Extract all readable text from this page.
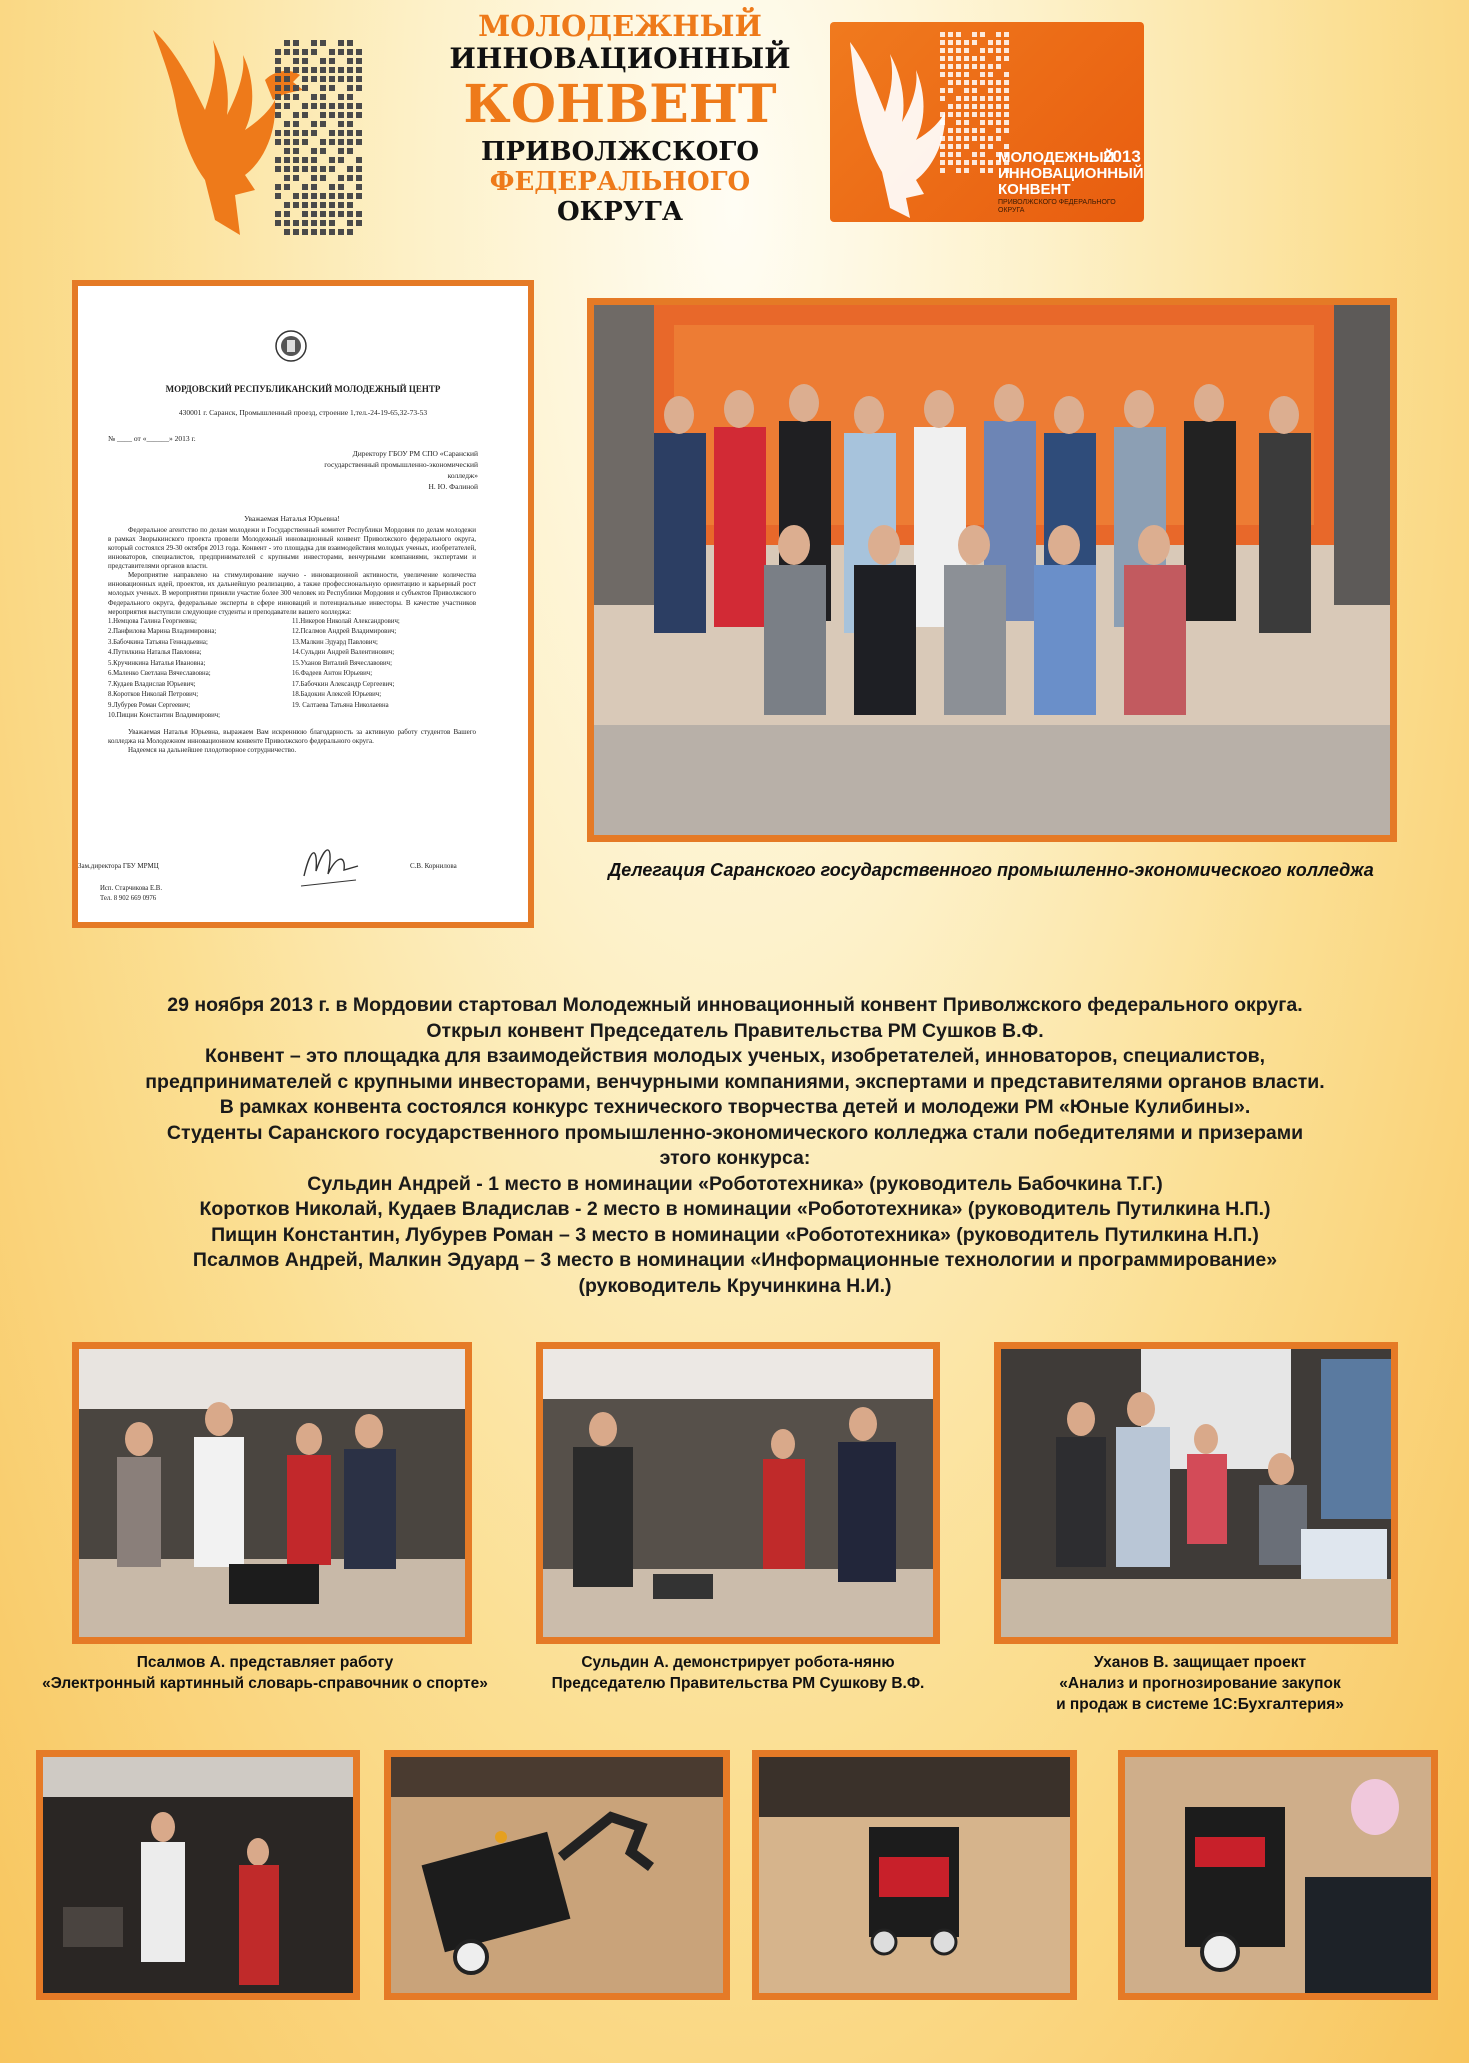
МОЛОДЕЖНЫЙ
ИННОВАЦИОННЫЙ
КОНВЕНТ
ПРИВОЛЖСКОГО
ФЕДЕРАЛЬНОГО
ОКРУГА
МОЛОДЕЖНЫЙ
2013
ИННОВАЦИОННЫЙ
КОНВЕНТ
ПРИВОЛЖСКОГО ФЕДЕРАЛЬНОГО ОКРУГА
МОРДОВСКИЙ РЕСПУБЛИКАНСКИЙ МОЛОДЕЖНЫЙ ЦЕНТР
430001 г. Саранск, Промышленный проезд, строение 1,тел.-24-19-65,32-73-53
№ ____ от «______» 2013 г.
Директору ГБОУ РМ СПО «Саранский
государственный промышленно-экономический
колледж»
Н. Ю. Фалиной

Уважаемая Наталья Юрьевна!

Федеральное агентство по делам молодежи и Государственный комитет Республики Мордовия по делам молодежи в рамках Зворыкинского проекта провели Молодежный инновационный конвент Приволжского федерального округа, который состоялся 29-30 октября 2013 года. Конвент - это площадка для взаимодействия молодых ученых, изобретателей, инноваторов, специалистов, предпринимателей с крупными инвесторами, венчурными компаниями, экспертами и представителями органов власти.

Мероприятие направлено на стимулирование научно - инновационной активности, увеличение количества инновационных идей, проектов, их дальнейшую реализацию, а также профессиональную ориентацию и карьерный рост молодых ученых. В мероприятии приняли участие более 300 человек из Республики Мордовия и субъектов Приволжского Федерального округа, федеральные эксперты в сфере инноваций и потенциальные инвесторы. В качестве участников мероприятия выступили следующие студенты и преподаватели вашего колледжа:

1.Немцова Галина Георгиевна;
2.Панфилова Марина Владимировна;
3.Бабочкина Татьяна Геннадьевна;
4.Путилкина Наталья Павловна;
5.Кручинкина Наталья Ивановна;
6.Маленко Светлана Вячеславовна;
7.Кудаев Владислав Юрьевич;
8.Коротков Николай Петрович;
9.Лубурев Роман Сергеевич;
10.Пищин Константин Владимирович;
11.Никеров Николай Александрович;
12.Псалмов Андрей Владимирович;
13.Малкин Эдуард Павлович;
14.Сульдин Андрей Валентинович;
15.Уханов Виталий Вячеславович;
16.Фадеев Антон Юрьевич;
17.Бабочкин Александр Сергеевич;
18.Бадокин Алексей Юрьевич;
19. Салтаева Татьяна Николаевна

Уважаемая Наталья Юрьевна, выражаем Вам искреннюю благодарность за активную работу студентов Вашего колледжа на Молодежном инновационном конвенте Приволжского федерального округа.

Надеемся на дальнейшее плодотворное сотрудничество.

Зам.директора ГБУ МРМЦ	С.В. Корнилова
Исп. Старчикова Е.В.
Тел. 8 902 669 0976
Делегация Саранского государственного промышленно-экономического колледжа
29 ноября 2013 г. в Мордовии стартовал Молодежный инновационный конвент Приволжского федерального округа.
Открыл конвент Председатель Правительства РМ Сушков В.Ф.
Конвент – это площадка для взаимодействия молодых ученых, изобретателей, инноваторов, специалистов,
предпринимателей с крупными инвесторами, венчурными компаниями, экспертами и представителями органов власти.
В рамках конвента состоялся конкурс технического творчества детей и молодежи РМ «Юные Кулибины».
Студенты Саранского государственного промышленно-экономического колледжа стали победителями и призерами
этого конкурса:
Сульдин Андрей - 1 место в номинации «Робототехника» (руководитель Бабочкина Т.Г.)
Коротков Николай, Кудаев Владислав - 2 место в номинации «Робототехника» (руководитель Путилкина Н.П.)
Пищин Константин, Лубурев Роман – 3 место в номинации «Робототехника» (руководитель Путилкина Н.П.)
Псалмов Андрей, Малкин Эдуард – 3 место в номинации «Информационные технологии и программирование»
(руководитель Кручинкина Н.И.)
Псалмов А. представляет работу
«Электронный картинный словарь-справочник о спорте»
Сульдин А. демонстрирует робота-няню
Председателю Правительства РМ Сушкову В.Ф.
Уханов В. защищает проект
«Анализ и прогнозирование закупок
и продаж в системе 1С:Бухгалтерия»
